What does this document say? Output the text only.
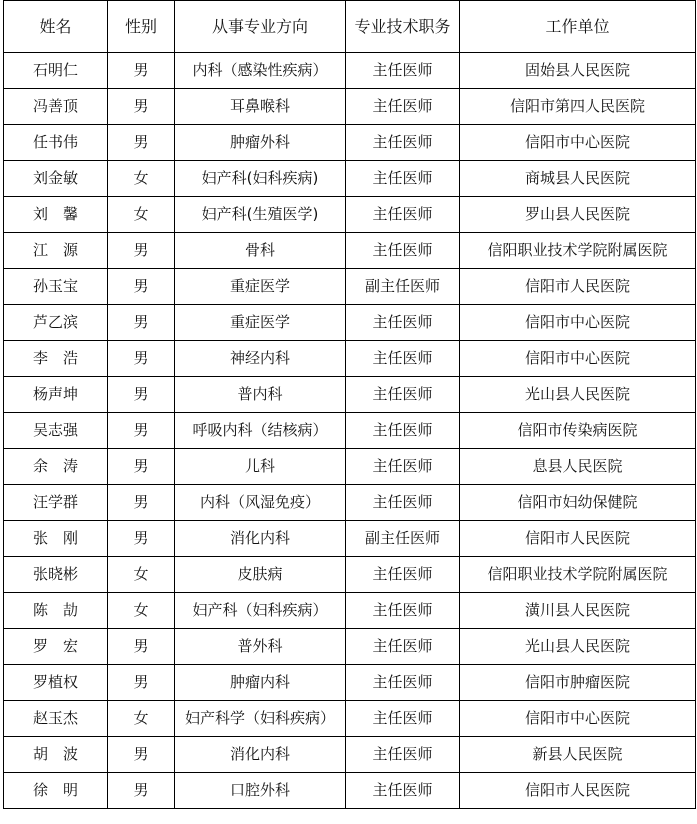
姓名	性别	从事专业方向	专业技术职务	工作单位
石明仁	男	内科（感染性疾病）	主任医师	固始县人民医院
冯善顶	男	耳鼻喉科	主任医师	信阳市第四人民医院
任书伟	男	肿瘤外科	主任医师	信阳市中心医院
刘金敏	女	妇产科(妇科疾病)	主任医师	商城县人民医院
刘　馨	女	妇产科(生殖医学)	主任医师	罗山县人民医院
江　源	男	骨科	主任医师	信阳职业技术学院附属医院
孙玉宝	男	重症医学	副主任医师	信阳市人民医院
芦乙滨	男	重症医学	主任医师	信阳市中心医院
李　浩	男	神经内科	主任医师	信阳市中心医院
杨声坤	男	普内科	主任医师	光山县人民医院
吴志强	男	呼吸内科（结核病）	主任医师	信阳市传染病医院
余　涛	男	儿科	主任医师	息县人民医院
汪学群	男	内科（风湿免疫）	主任医师	信阳市妇幼保健院
张　刚	男	消化内科	副主任医师	信阳市人民医院
张晓彬	女	皮肤病	主任医师	信阳职业技术学院附属医院
陈　劼	女	妇产科（妇科疾病）	主任医师	潢川县人民医院
罗　宏	男	普外科	主任医师	光山县人民医院
罗植权	男	肿瘤内科	主任医师	信阳市肿瘤医院
赵玉杰	女	妇产科学（妇科疾病）	主任医师	信阳市中心医院
胡　波	男	消化内科	主任医师	新县人民医院
徐　明	男	口腔外科	主任医师	信阳市人民医院
